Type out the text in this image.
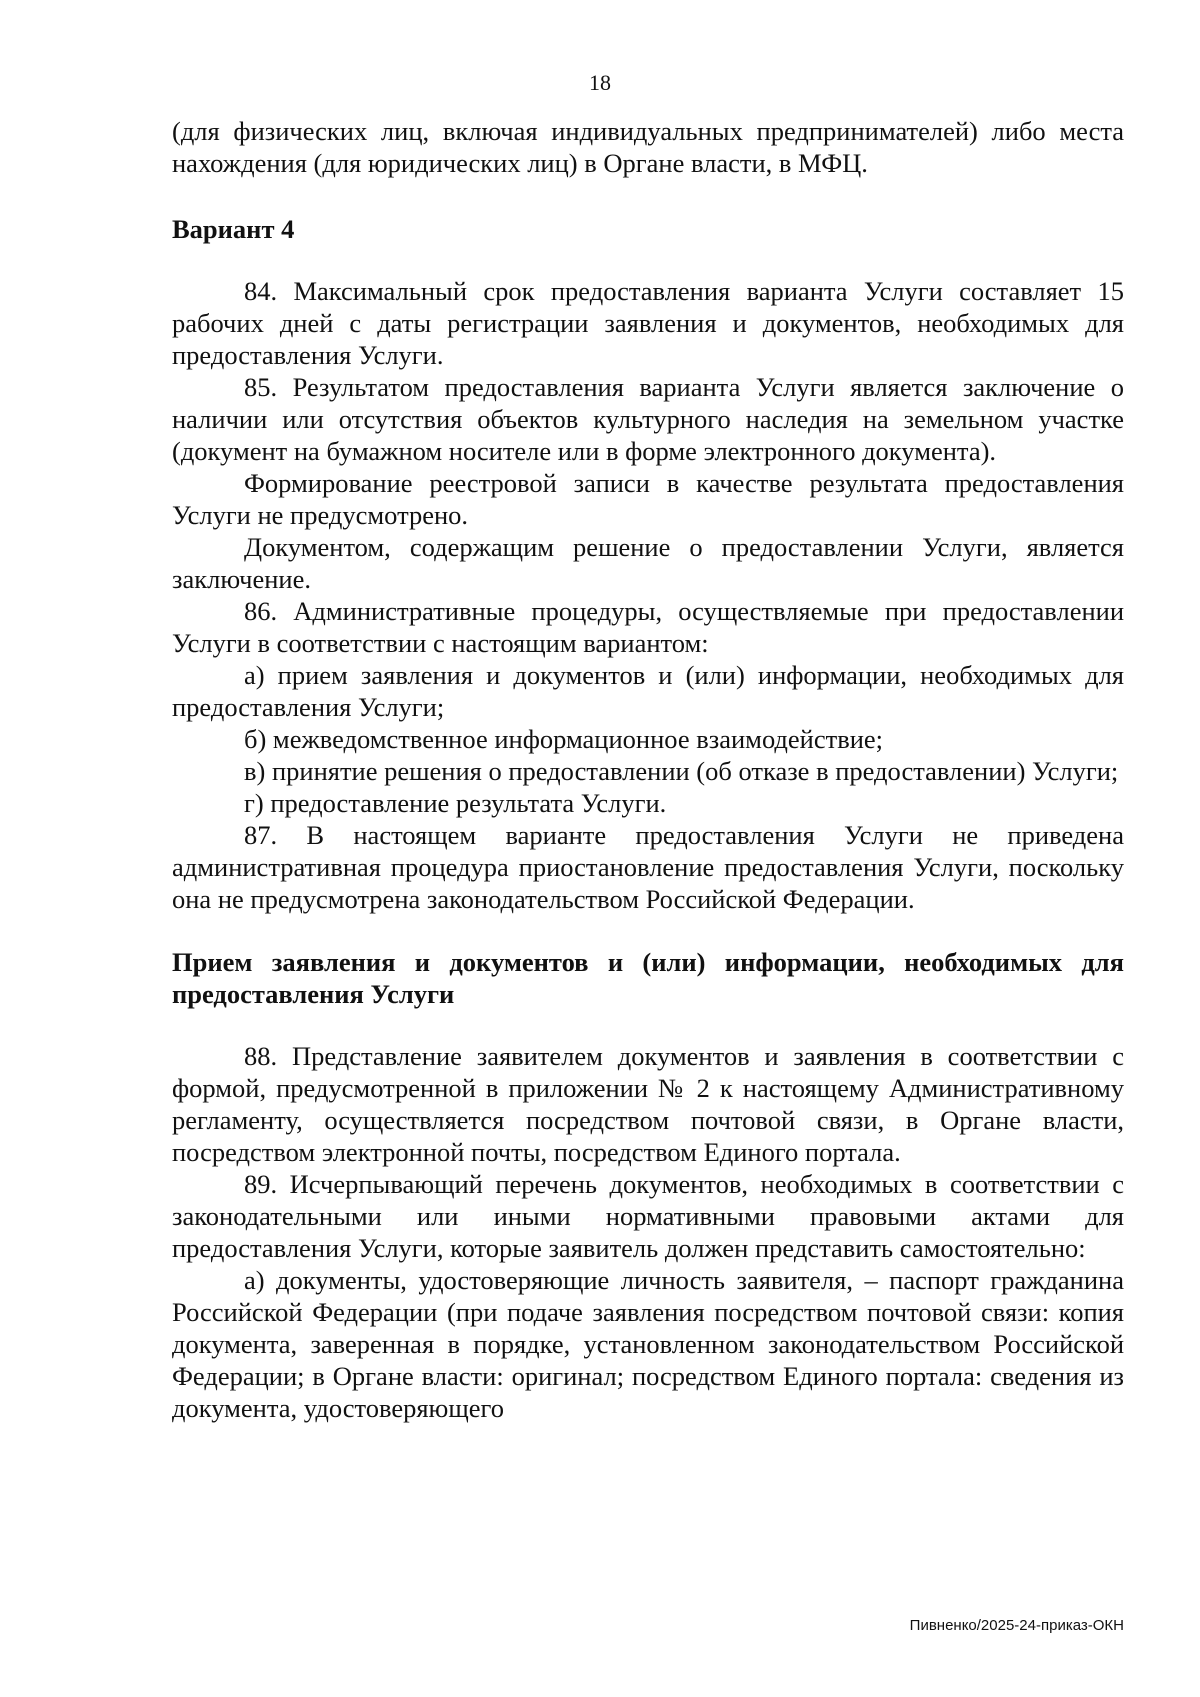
18

(для физических лиц, включая индивидуальных предпринимателей) либо места нахождения (для юридических лиц) в Органе власти, в МФЦ.

Вариант 4

84. Максимальный срок предоставления варианта Услуги составляет 15 рабочих дней с даты регистрации заявления и документов, необходимых для предоставления Услуги.

85. Результатом предоставления варианта Услуги является заключение о наличии или отсутствия объектов культурного наследия на земельном участке (документ на бумажном носителе или в форме электронного документа).

Формирование реестровой записи в качестве результата предоставления Услуги не предусмотрено.

Документом, содержащим решение о предоставлении Услуги, является заключение.

86. Административные процедуры, осуществляемые при предоставлении Услуги в соответствии с настоящим вариантом:

а) прием заявления и документов и (или) информации, необходимых для предоставления Услуги;

б) межведомственное информационное взаимодействие;

в) принятие решения о предоставлении (об отказе в предоставлении) Услуги;

г) предоставление результата Услуги.

87. В настоящем варианте предоставления Услуги не приведена административная процедура приостановление предоставления Услуги, поскольку она не предусмотрена законодательством Российской Федерации.

Прием заявления и документов и (или) информации, необходимых для предоставления Услуги

88. Представление заявителем документов и заявления в соответствии с формой, предусмотренной в приложении № 2 к настоящему Административному регламенту, осуществляется посредством почтовой связи, в Органе власти, посредством электронной почты, посредством Единого портала.

89. Исчерпывающий перечень документов, необходимых в соответствии с законодательными или иными нормативными правовыми актами для предоставления Услуги, которые заявитель должен представить самостоятельно:

а) документы, удостоверяющие личность заявителя, – паспорт гражданина Российской Федерации (при подаче заявления посредством почтовой связи: копия документа, заверенная в порядке, установленном законодательством Российской Федерации; в Органе власти: оригинал; посредством Единого портала: сведения из документа, удостоверяющего

Пивненко/2025-24-приказ-ОКН
